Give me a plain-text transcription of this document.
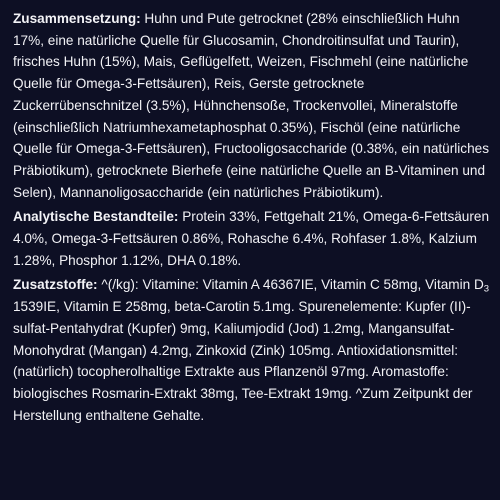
Zusammensetzung: Huhn und Pute getrocknet (28% einschließlich Huhn 17%, eine natürliche Quelle für Glucosamin, Chondroitinsulfat und Taurin), frisches Huhn (15%), Mais, Geflügelfett, Weizen, Fischmehl (eine natürliche Quelle für Omega-3-Fettsäuren), Reis, Gerste getrocknete Zuckerrübenschnitzel (3.5%), Hühnchensoße, Trockenvollei, Mineralstoffe (einschließlich Natriumhexametaphosphat 0.35%), Fischöl (eine natürliche Quelle für Omega-3-Fettsäuren), Fructooligosaccharide (0.38%, ein natürliches Präbiotikum), getrocknete Bierhefe (eine natürliche Quelle an B-Vitaminen und Selen), Mannanoligosaccharide (ein natürliches Präbiotikum).

Analytische Bestandteile: Protein 33%, Fettgehalt 21%, Omega-6-Fettsäuren 4.0%, Omega-3-Fettsäuren 0.86%, Rohasche 6.4%, Rohfaser 1.8%, Kalzium 1.28%, Phosphor 1.12%, DHA 0.18%.

Zusatzstoffe: ^(/kg): Vitamine: Vitamin A 46367IE, Vitamin C 58mg, Vitamin $D_3$ 1539IE, Vitamin E 258mg, beta-Carotin 5.1mg. Spurenelemente: Kupfer (II)-sulfat-Pentahydrat (Kupfer) 9mg, Kaliumjodid (Jod) 1.2mg, Mangansulfat-Monohydrat (Mangan) 4.2mg, Zinkoxid (Zink) 105mg. Antioxidationsmittel: (natürlich) tocopherolhaltige Extrakte aus Pflanzenöl 97mg. Aromastoffe: biologisches Rosmarin-Extrakt 38mg, Tee-Extrakt 19mg. ^Zum Zeitpunkt der Herstellung enthaltene Gehalte.
